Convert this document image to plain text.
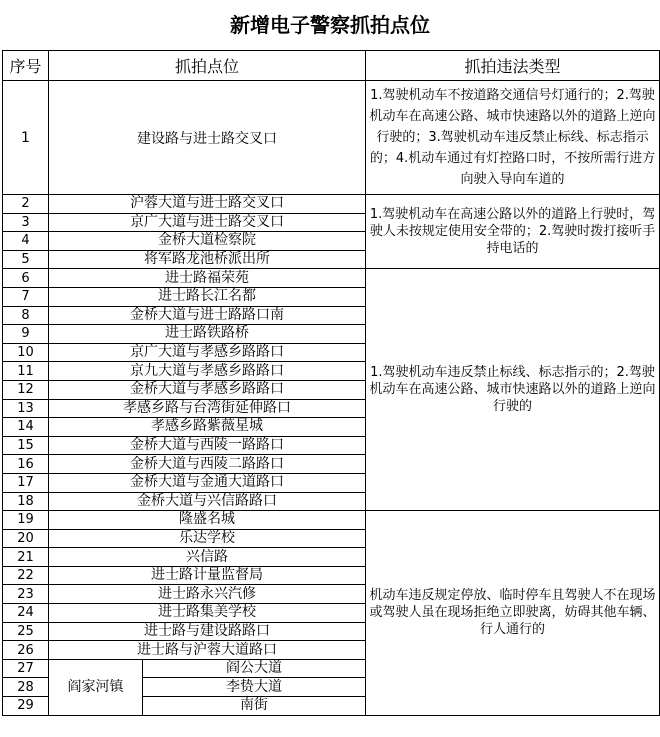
新增电子警察抓拍点位
序号	抓拍点位		抓拍违法类型
1	建设路与进士路交叉口		1.驾驶机动车不按道路交通信号灯通行的；2.驾驶机动车在高速公路、城市快速路以外的道路上逆向行驶的；3.驾驶机动车违反禁止标线、标志指示的；4.机动车通过有灯控路口时，不按所需行进方向驶入导向车道的
2	沪蓉大道与进士路交叉口		1.驾驶机动车在高速公路以外的道路上行驶时，驾驶人未按规定使用安全带的；2.驾驶时拨打接听手持电话的
3	京广大道与进士路交叉口		
4	金桥大道检察院		
5	将军路龙池桥派出所		
6	进士路福荣苑		1.驾驶机动车违反禁止标线、标志指示的；2.驾驶机动车在高速公路、城市快速路以外的道路上逆向行驶的
7	进士路长江名都		
8	金桥大道与进士路路口南		
9	进士路铁路桥		
10	京广大道与孝感乡路路口		
11	京九大道与孝感乡路路口		
12	金桥大道与孝感乡路路口		
13	孝感乡路与台湾街延伸路口		
14	孝感乡路紫薇星城		
15	金桥大道与西陵一路路口		
16	金桥大道与西陵二路路口		
17	金桥大道与金通大道路口		
18	金桥大道与兴信路路口		
19	隆盛名城		机动车违反规定停放、临时停车且驾驶人不在现场或驾驶人虽在现场拒绝立即驶离，妨碍其他车辆、行人通行的
20	乐达学校		
21	兴信路		
22	进士路计量监督局		
23	进士路永兴汽修		
24	进士路集美学校		
25	进士路与建设路路口		
26	进士路与沪蓉大道路口		
27	阎家河镇	阎公大道	
28		李贽大道	
29		南街	
